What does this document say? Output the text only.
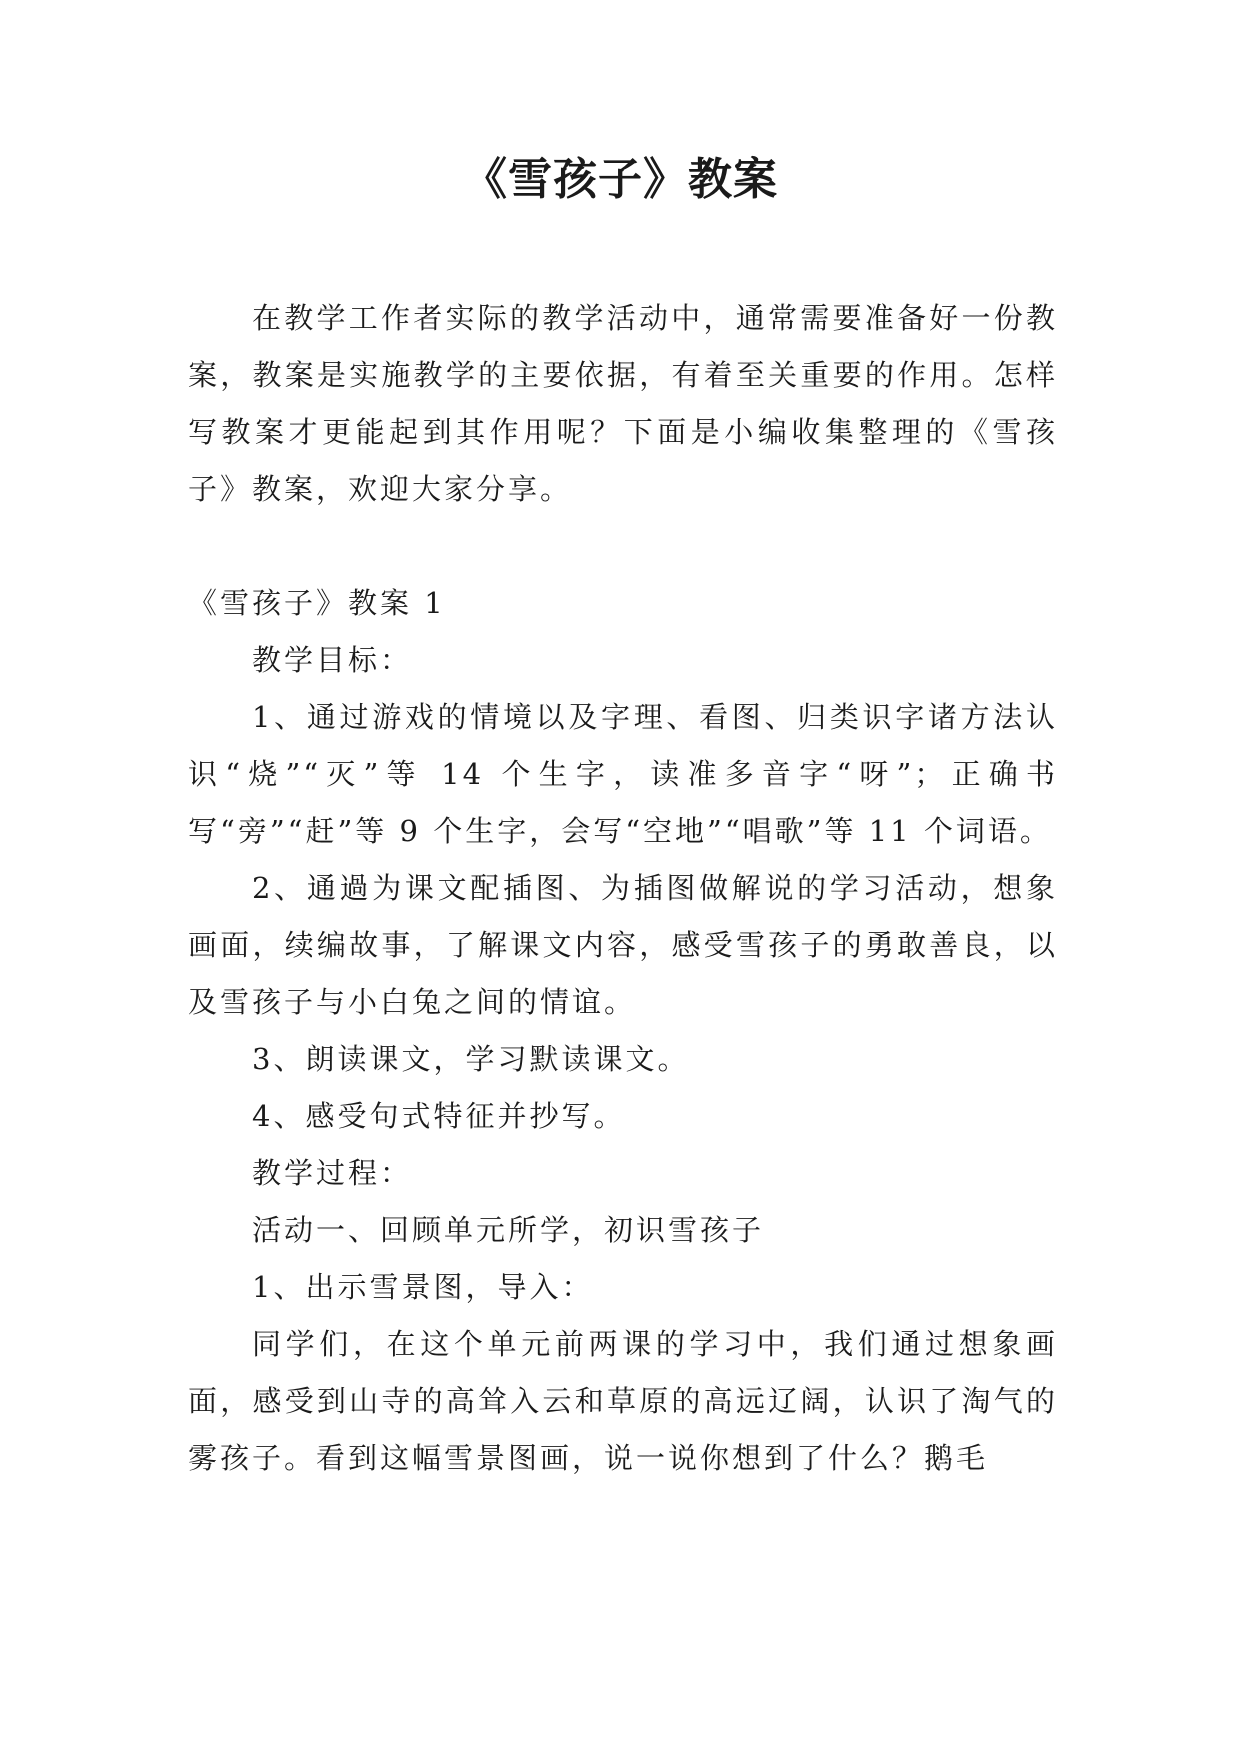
《雪孩子》教案

在教学工作者实际的教学活动中，通常需要准备好一份教案，教案是实施教学的主要依据，有着至关重要的作用。怎样写教案才更能起到其作用呢？下面是小编收集整理的《雪孩子》教案，欢迎大家分享。

《雪孩子》教案 1

教学目标：

1、通过游戏的情境以及字理、看图、归类识字诸方法认识“烧”“灭”等 14 个生字，读准多音字“呀”；正确书写“旁”“赶”等 9 个生字，会写“空地”“唱歌”等 11 个词语。

2、通過为课文配插图、为插图做解说的学习活动，想象画面，续编故事，了解课文内容，感受雪孩子的勇敢善良，以及雪孩子与小白兔之间的情谊。

3、朗读课文，学习默读课文。

4、感受句式特征并抄写。

教学过程：

活动一、回顾单元所学，初识雪孩子

1、出示雪景图，导入：

同学们，在这个单元前两课的学习中，我们通过想象画面，感受到山寺的高耸入云和草原的高远辽阔，认识了淘气的雾孩子。看到这幅雪景图画，说一说你想到了什么？鹅毛
